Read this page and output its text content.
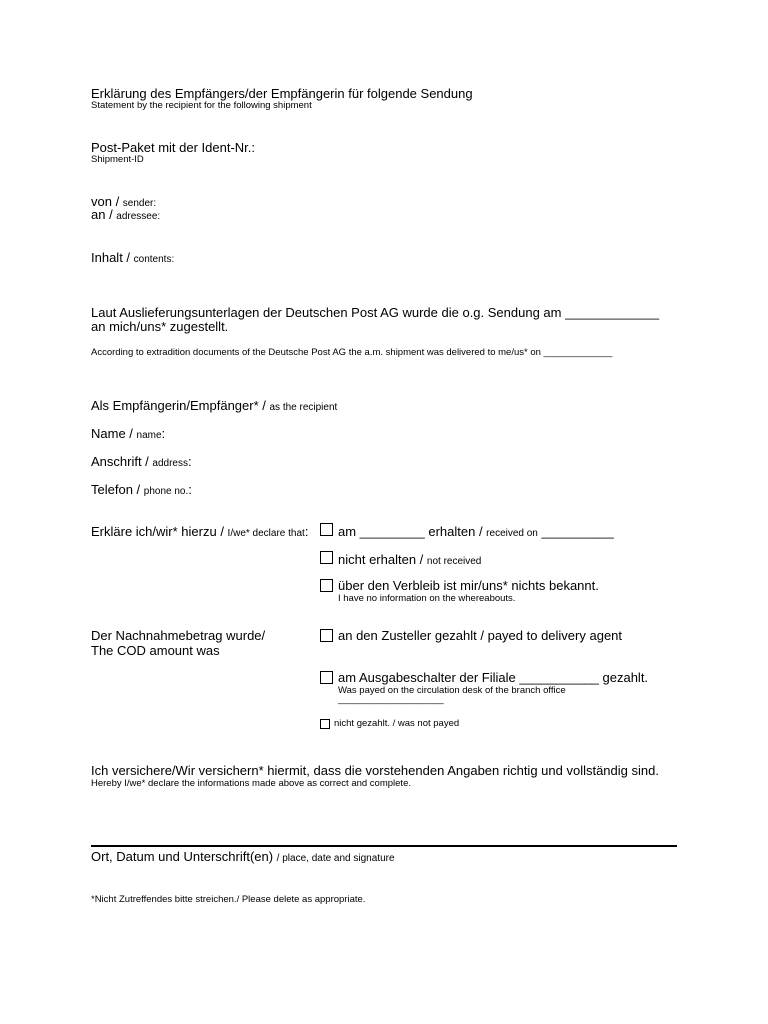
Erklärung des Empfängers/der Empfängerin für folgende Sendung
Statement by the recipient for the following shipment
Post-Paket mit der Ident-Nr.:
Shipment-ID
von / sender:
an / adressee:
Inhalt / contents:
Laut Auslieferungsunterlagen der Deutschen Post AG wurde die o.g. Sendung am _____________
an mich/uns* zugestellt.
According to extradition documents of the Deutsche Post AG the a.m. shipment was delivered to me/us* on _____________
Als Empfängerin/Empfänger* / as the recipient
Name / name:
Anschrift / address:
Telefon / phone no.:
Erkläre ich/wir* hierzu / I/we* declare that: am _________ erhalten / received on __________
nicht erhalten / not received
über den Verbleib ist mir/uns* nichts bekannt.
I have no information on the whereabouts.
Der Nachnahmebetrag wurde/
The COD amount was
an den Zusteller gezahlt / payed to delivery agent
am Ausgabeschalter der Filiale ___________ gezahlt.
Was payed on the circulation desk of the branch office
____________________
nicht gezahlt. / was not payed
Ich versichere/Wir versichern* hiermit, dass die vorstehenden Angaben richtig und vollständig sind.
Hereby I/we* declare the informations made above as correct and complete.
Ort, Datum und Unterschrift(en) / place, date and signature
*Nicht Zutreffendes bitte streichen./ Please delete as appropriate.
